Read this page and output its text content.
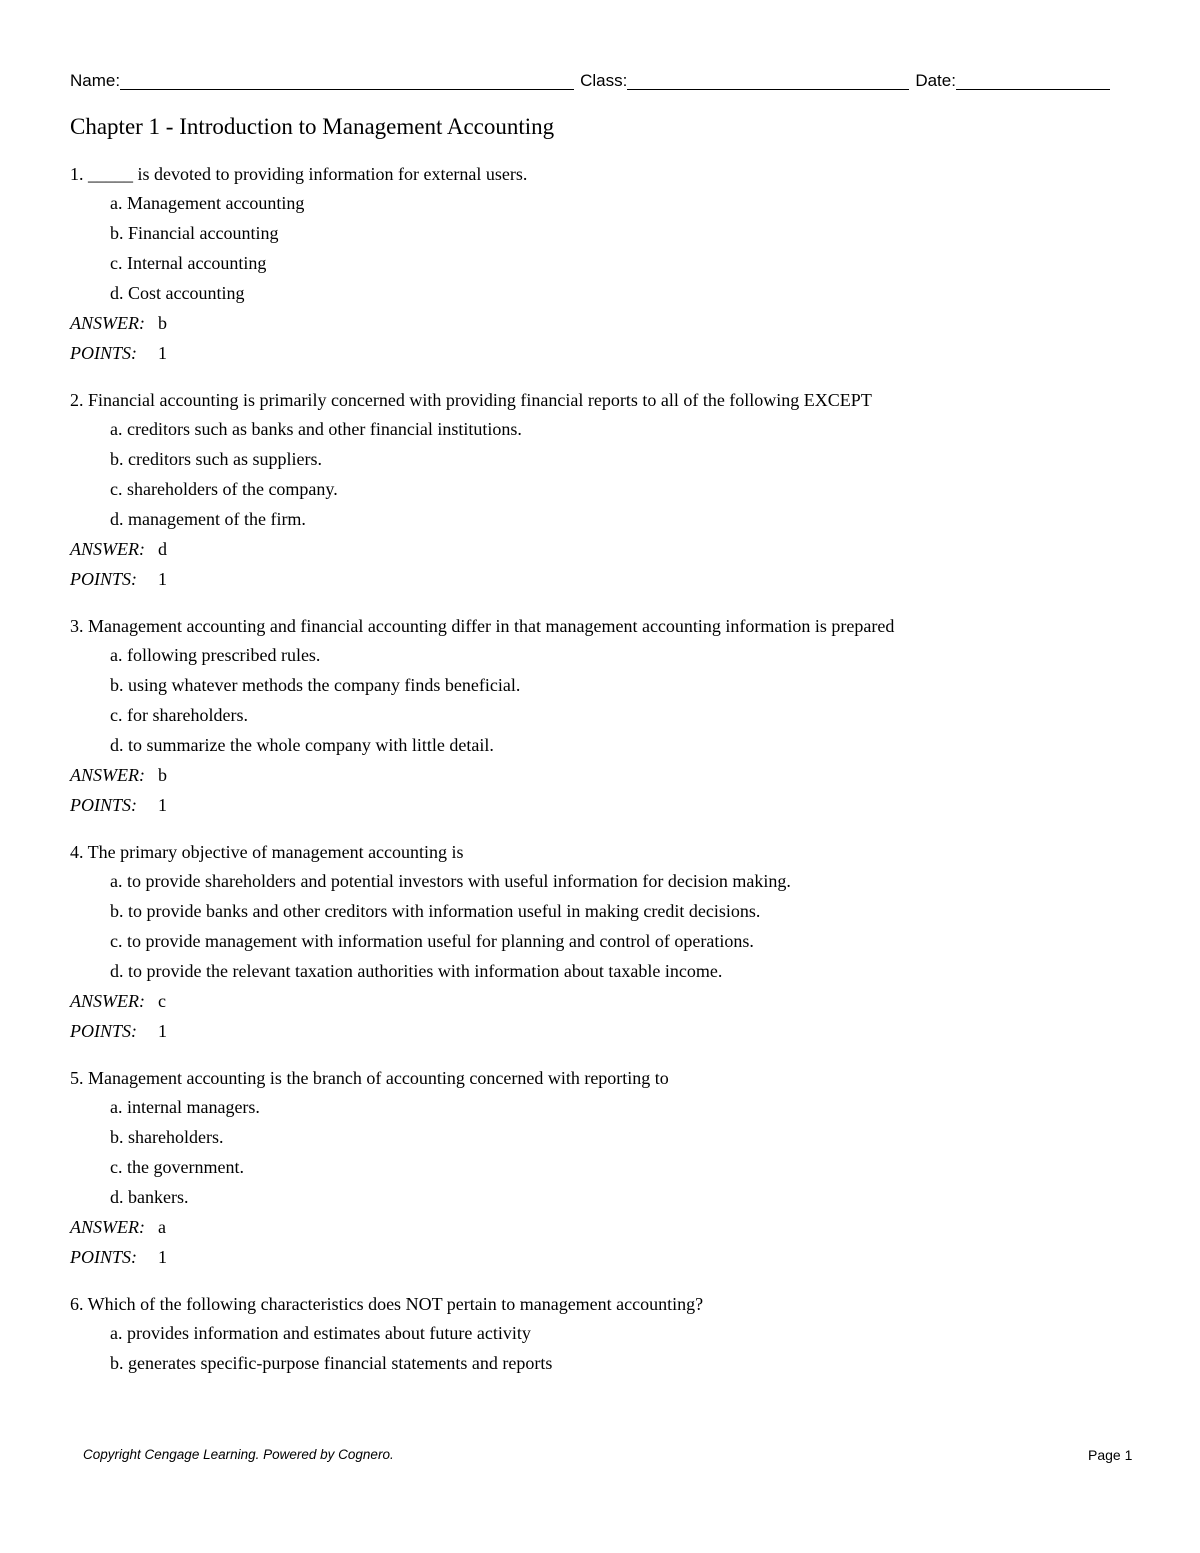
Name:	Class:	Date:
Chapter 1 - Introduction to Management Accounting
1. _____ is devoted to providing information for external users.
a. Management accounting
b. Financial accounting
c. Internal accounting
d. Cost accounting
ANSWER: b
POINTS: 1
2. Financial accounting is primarily concerned with providing financial reports to all of the following EXCEPT
a. creditors such as banks and other financial institutions.
b. creditors such as suppliers.
c. shareholders of the company.
d. management of the firm.
ANSWER: d
POINTS: 1
3. Management accounting and financial accounting differ in that management accounting information is prepared
a. following prescribed rules.
b. using whatever methods the company finds beneficial.
c. for shareholders.
d. to summarize the whole company with little detail.
ANSWER: b
POINTS: 1
4. The primary objective of management accounting is
a. to provide shareholders and potential investors with useful information for decision making.
b. to provide banks and other creditors with information useful in making credit decisions.
c. to provide management with information useful for planning and control of operations.
d. to provide the relevant taxation authorities with information about taxable income.
ANSWER: c
POINTS: 1
5. Management accounting is the branch of accounting concerned with reporting to
a. internal managers.
b. shareholders.
c. the government.
d. bankers.
ANSWER: a
POINTS: 1
6. Which of the following characteristics does NOT pertain to management accounting?
a. provides information and estimates about future activity
b. generates specific-purpose financial statements and reports
Copyright Cengage Learning. Powered by Cognero.	Page 1
